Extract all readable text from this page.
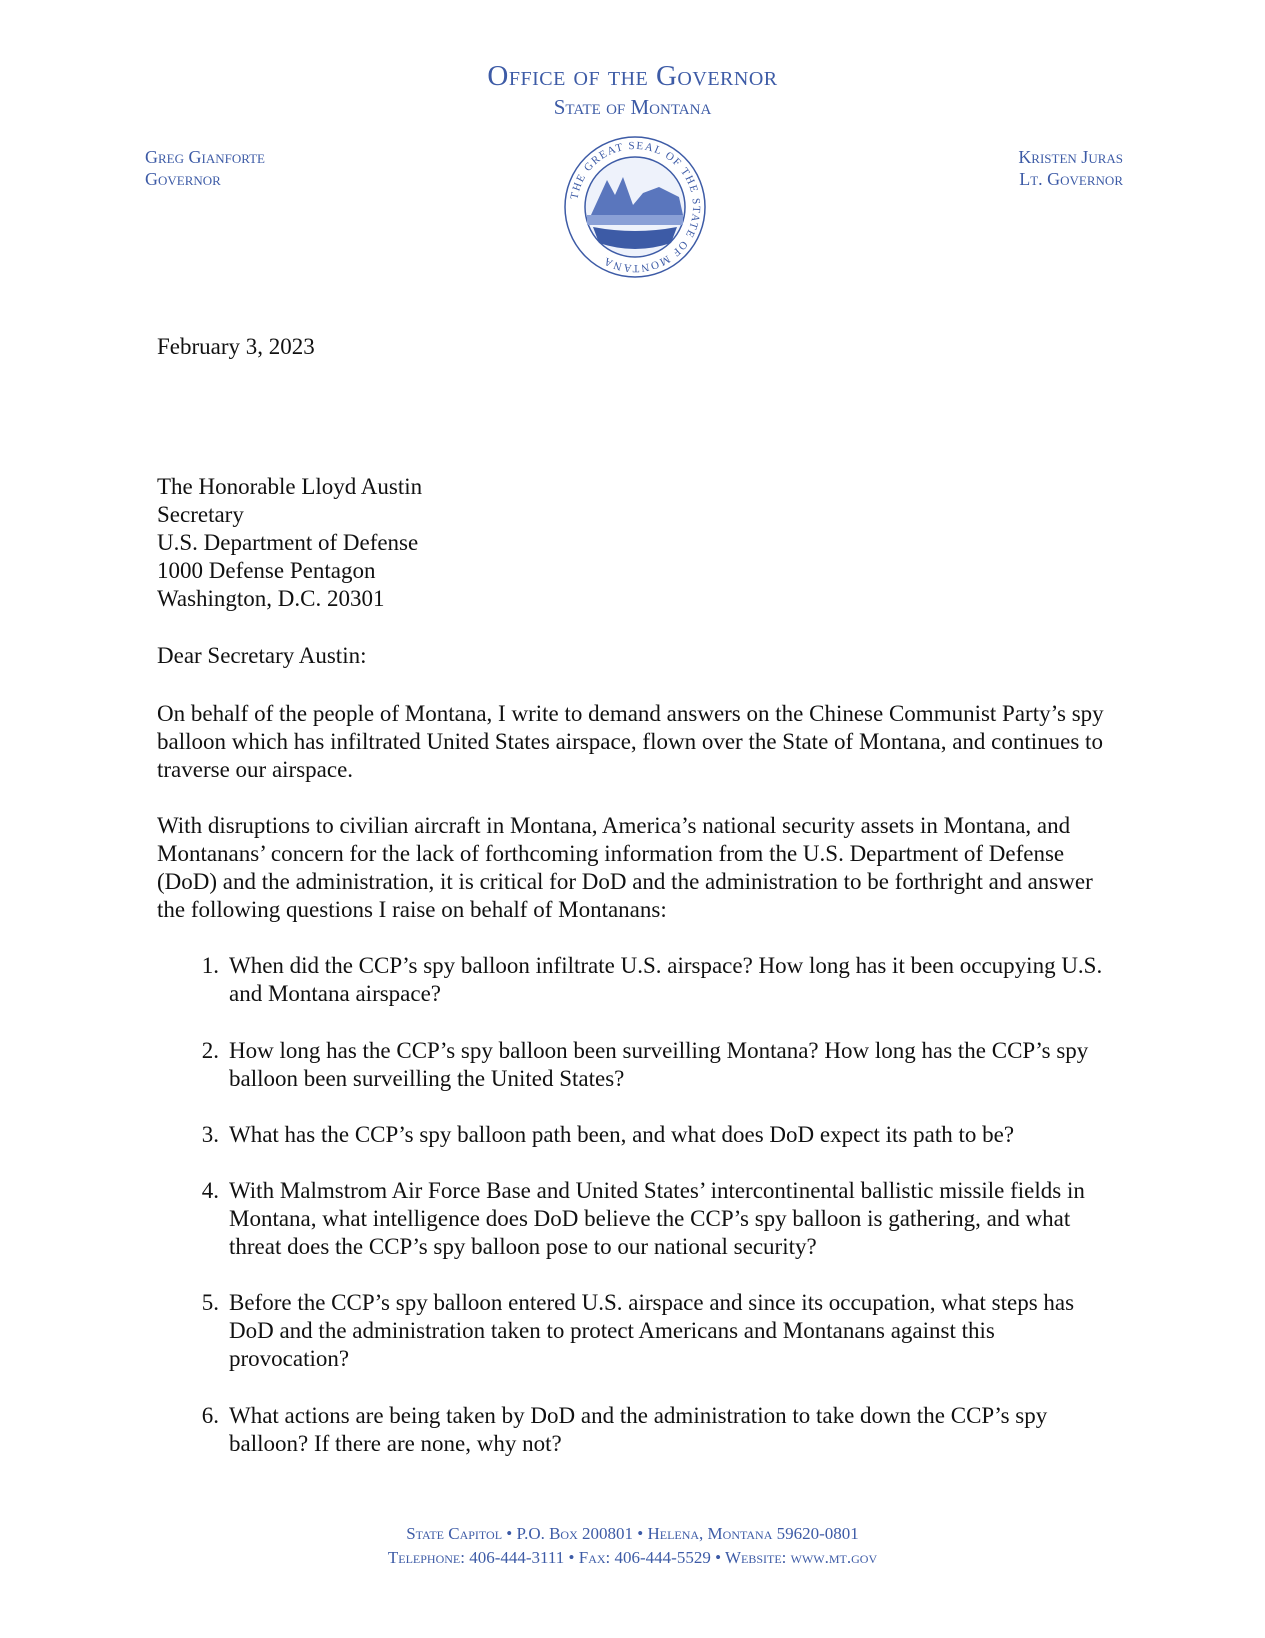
Office of the Governor
State of Montana
Greg Gianforte
Governor
Kristen Juras
Lt. Governor
THE GREAT SEAL OF THE STATE OF MONTANA
February 3, 2023
The Honorable Lloyd Austin
Secretary
U.S. Department of Defense
1000 Defense Pentagon
Washington, D.C. 20301
Dear Secretary Austin:
On behalf of the people of Montana, I write to demand answers on the Chinese Communist Party’s spy balloon which has infiltrated United States airspace, flown over the State of Montana, and continues to traverse our airspace.
With disruptions to civilian aircraft in Montana, America’s national security assets in Montana, and Montanans’ concern for the lack of forthcoming information from the U.S. Department of Defense (DoD) and the administration, it is critical for DoD and the administration to be forthright and answer the following questions I raise on behalf of Montanans:
1. When did the CCP’s spy balloon infiltrate U.S. airspace? How long has it been occupying U.S. and Montana airspace?
2. How long has the CCP’s spy balloon been surveilling Montana? How long has the CCP’s spy balloon been surveilling the United States?
3. What has the CCP’s spy balloon path been, and what does DoD expect its path to be?
4. With Malmstrom Air Force Base and United States’ intercontinental ballistic missile fields in Montana, what intelligence does DoD believe the CCP’s spy balloon is gathering, and what threat does the CCP’s spy balloon pose to our national security?
5. Before the CCP’s spy balloon entered U.S. airspace and since its occupation, what steps has DoD and the administration taken to protect Americans and Montanans against this provocation?
6. What actions are being taken by DoD and the administration to take down the CCP’s spy balloon? If there are none, why not?
State Capitol • P.O. Box 200801 • Helena, Montana 59620-0801
Telephone: 406-444-3111 • Fax: 406-444-5529 • Website: www.mt.gov
